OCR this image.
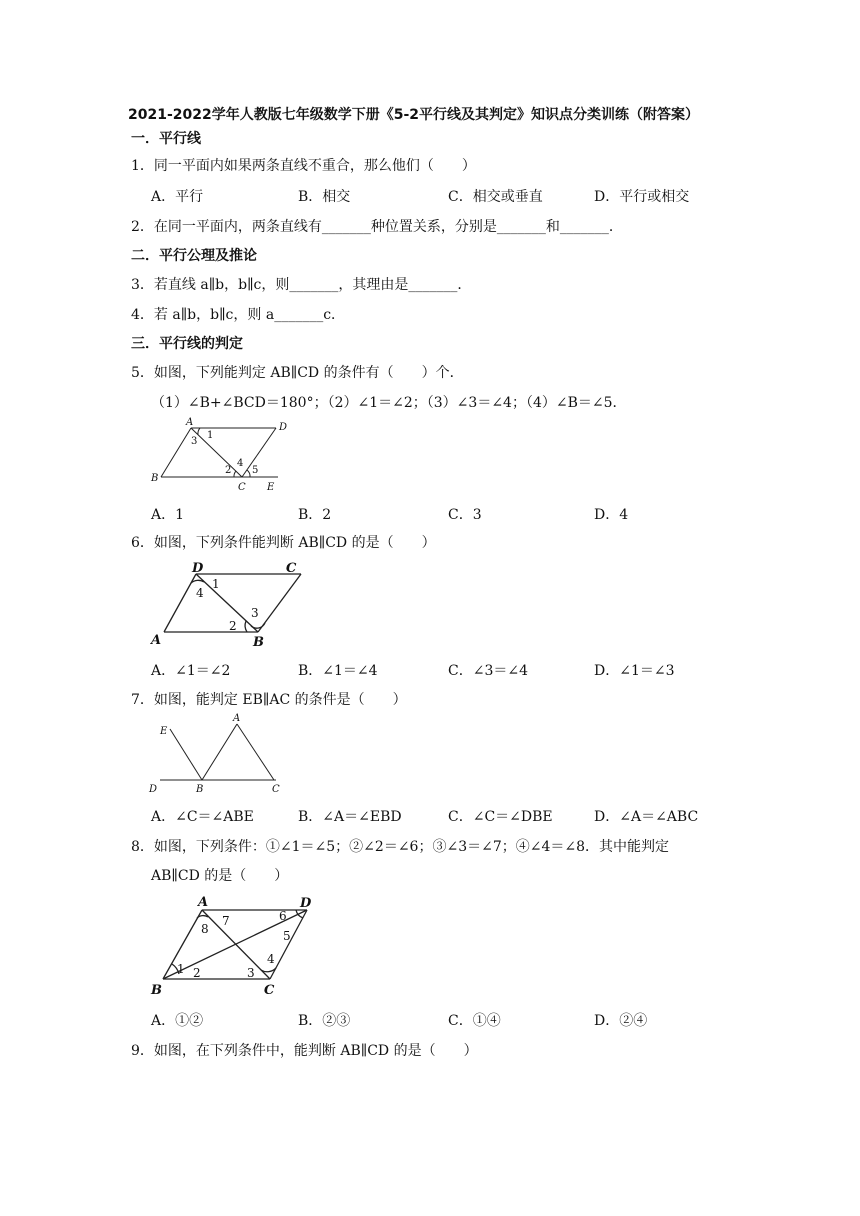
2021-2022学年人教版七年级数学下册《5-2平行线及其判定》知识点分类训练（附答案）
一．平行线
1．同一平面内如果两条直线不重合，那么他们（　　）
A．平行	B．相交	C．相交或垂直	D．平行或相交
2．在同一平面内，两条直线有_______种位置关系，分别是_______和_______．
二．平行公理及推论
3．若直线 a∥b，b∥c，则_______，其理由是_______．
4．若 a∥b，b∥c，则 a_______c．
三．平行线的判定
5．如图，下列能判定 AB∥CD 的条件有（　　）个．
（1）∠B+∠BCD＝180°；（2）∠1＝∠2；（3）∠3＝∠4；（4）∠B＝∠5．
A	D
B
C E
1
2
3
4
5
A．1	B．2	C．3	D．4
6．如图，下列条件能判断 AB∥CD 的是（　　）
D	C
A	B
1
2
3
4
A．∠1＝∠2	B．∠1＝∠4	C．∠3＝∠4	D．∠1＝∠3
7．如图，能判定 EB∥AC 的条件是（　　）
E
A
D	B	C
A．∠C＝∠ABE	B．∠A＝∠EBD	C．∠C＝∠DBE	D．∠A＝∠ABC
8．如图，下列条件：①∠1＝∠5；②∠2＝∠6；③∠3＝∠7；④∠4＝∠8．其中能判定
AB∥CD 的是（　　）
A	D
B	C
1 2	3
4
5
6
7
8
A．①②	B．②③	C．①④	D．②④
9．如图，在下列条件中，能判断 AB∥CD 的是（　　）
